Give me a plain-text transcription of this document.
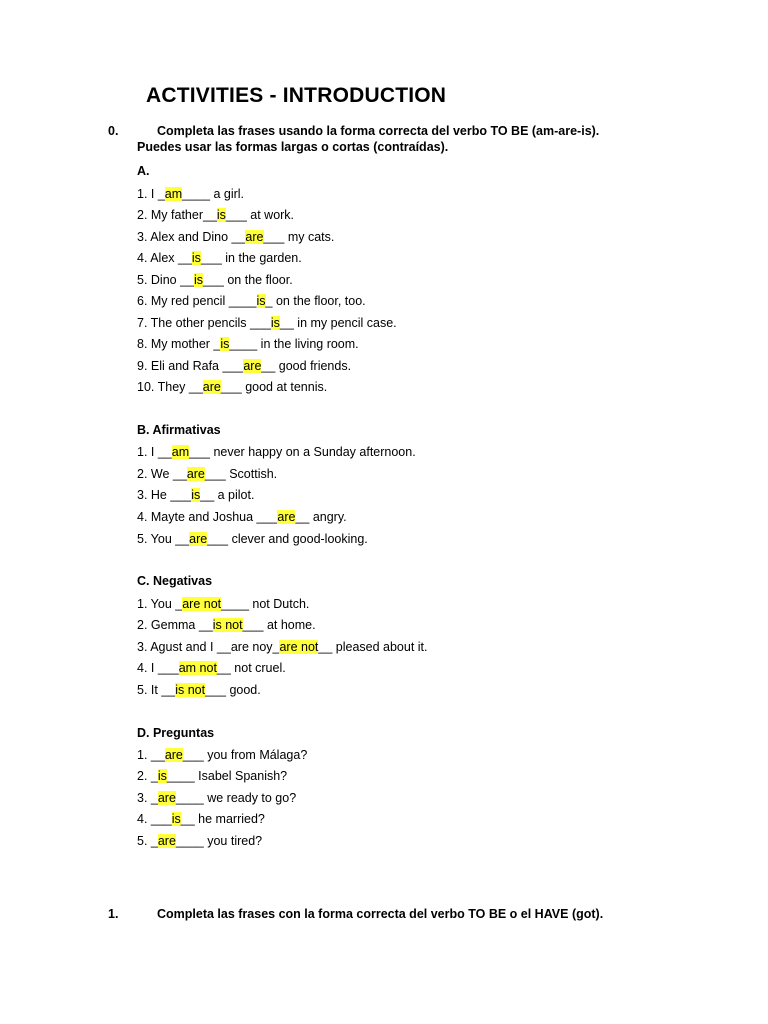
ACTIVITIES - INTRODUCTION
0.	Completa las frases usando la forma correcta del verbo TO BE (am-are-is).
Puedes usar las formas largas o cortas (contraídas).
A.
1. I _am____ a girl.
2. My father__is___ at work.
3. Alex and Dino __are___ my cats.
4. Alex __is___ in the garden.
5. Dino __is___ on the floor.
6. My red pencil ____is_ on the floor, too.
7. The other pencils ___is__ in my pencil case.
8. My mother _is____ in the living room.
9. Eli and Rafa ___are__ good friends.
10. They __are___ good at tennis.
B. Afirmativas
1. I __am___ never happy on a Sunday afternoon.
2. We __are___ Scottish.
3. He ___is__ a pilot.
4. Mayte and Joshua ___are__ angry.
5. You __are___ clever and good-looking.
C. Negativas
1. You _are not____ not Dutch.
2. Gemma __is not___ at home.
3. Agust and I __are noy_are not__ pleased about it.
4. I ___am not__ not cruel.
5. It __is not___ good.
D. Preguntas
1. __are___ you from Málaga?
2. _is____ Isabel Spanish?
3. _are____ we ready to go?
4. ___is__ he married?
5. _are____ you tired?
1.	Completa las frases con la forma correcta del verbo TO BE o el HAVE (got).
